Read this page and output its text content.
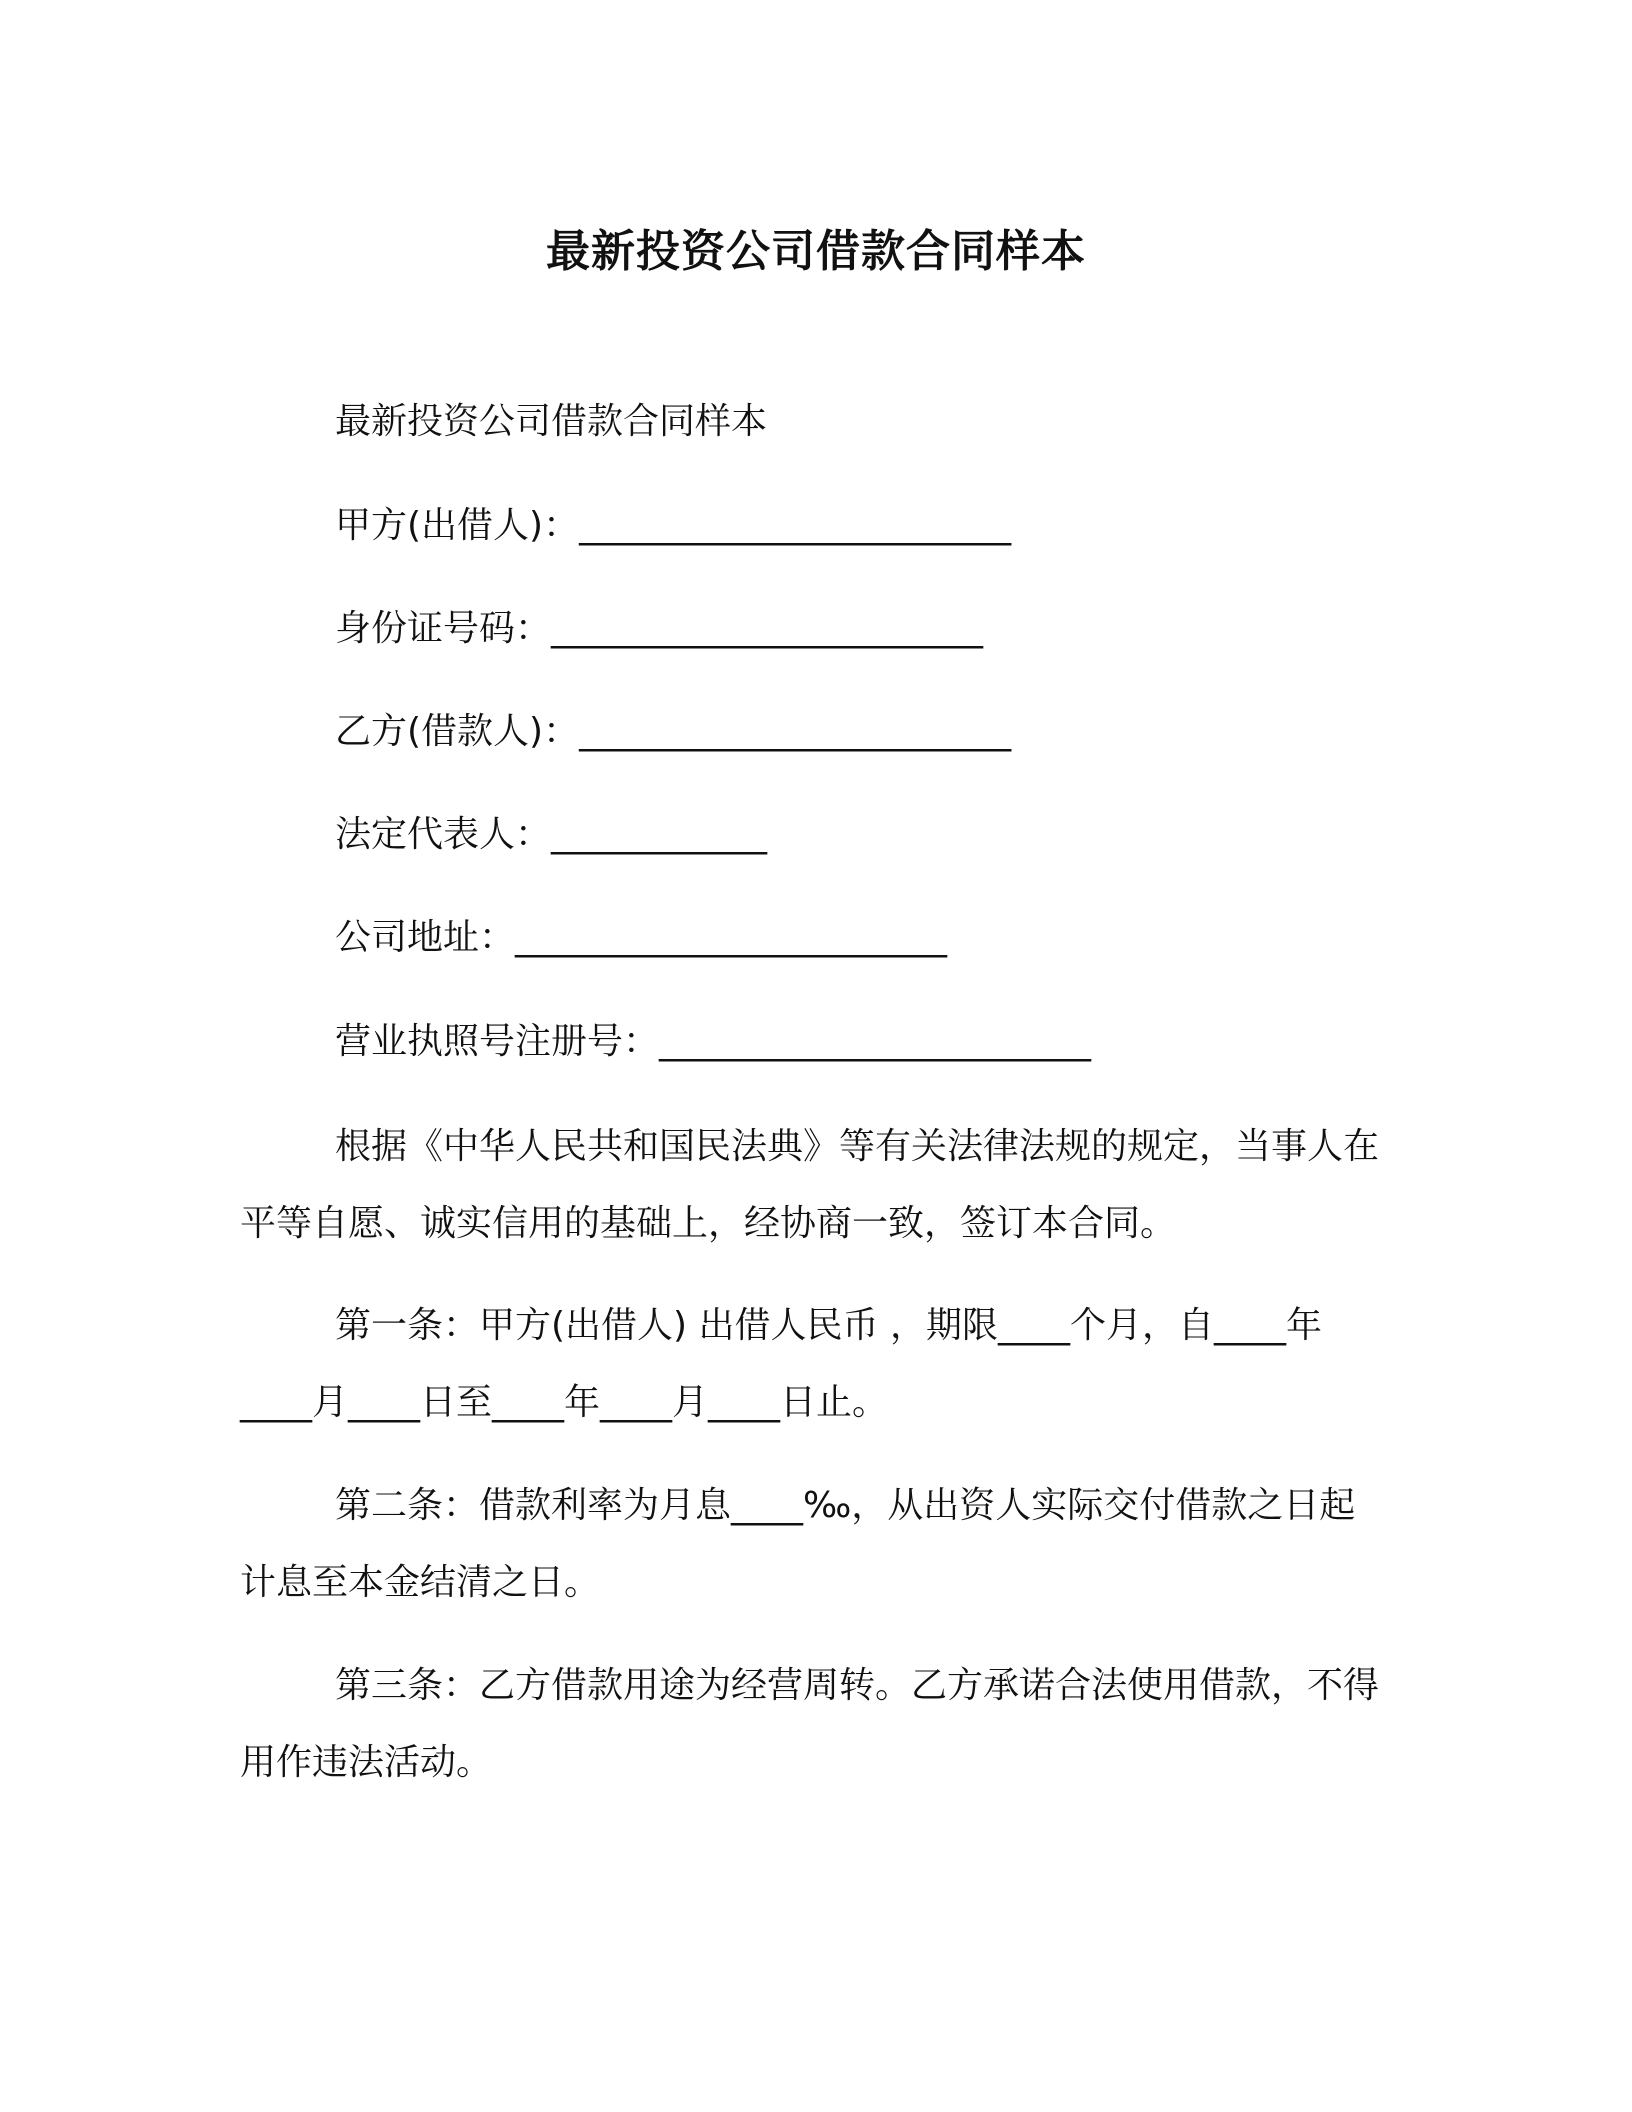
最新投资公司借款合同样本
最新投资公司借款合同样本
甲方(出借人)：________________________
身份证号码：________________________
乙方(借款人)：________________________
法定代表人：____________
公司地址：________________________
营业执照号注册号：________________________
根据《中华人民共和国民法典》等有关法律法规的规定，当事人在平等自愿、诚实信用的基础上，经协商一致，签订本合同。
第一条：甲方(出借人) 出借人民币 ，期限____个月，自____年____月____日至____年____月____日止。
第二条：借款利率为月息____‰，从出资人实际交付借款之日起计息至本金结清之日。
第三条：乙方借款用途为经营周转。乙方承诺合法使用借款，不得用作违法活动。
